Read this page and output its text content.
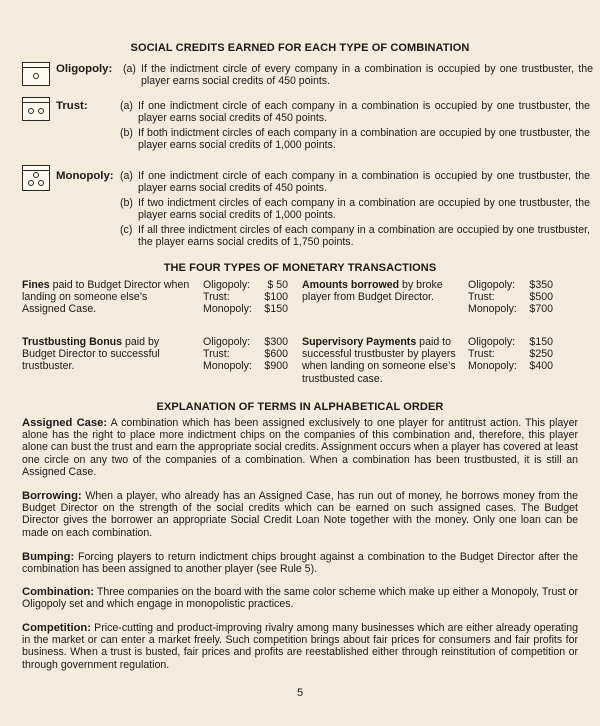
SOCIAL CREDITS EARNED FOR EACH TYPE OF COMBINATION
Oligopoly: (a) If the indictment circle of every company in a combination is occupied by one trustbuster, the player earns social credits of 450 points.
Trust:	(a) If one indictment circle of each company in a combination is occupied by one trustbuster, the player earns social credits of 450 points.
(b) If both indictment circles of each company in a combination are occupied by one trustbuster, the player earns social credits of 1,000 points.
Monopoly: (a) If one indictment circle of each company in a combination is occupied by one trustbuster, the player earns social credits of 450 points.
(b) If two indictment circles of each company in a combination are occupied by one trustbuster, the player earns social credits of 1,000 points.
(c) If all three indictment circles of each company in a combination are occupied by one trustbuster, the player earns social credits of 1,750 points.
THE FOUR TYPES OF MONETARY TRANSACTIONS
Fines paid to Budget Director when landing on someone else’s Assigned Case.
Oligopoly: $ 50
Trust:	$100
Monopoly: $150
Amounts borrowed by broke player from Budget Director.
Oligopoly: $350
Trust:	$500
Monopoly: $700
Trustbusting Bonus paid by Budget Director to successful trustbuster.
Oligopoly: $300
Trust:	$600
Monopoly: $900
Supervisory Payments paid to successful trustbuster by players when landing on someone else’s trustbusted case.
Oligopoly: $150
Trust:	$250
Monopoly: $400
EXPLANATION OF TERMS IN ALPHABETICAL ORDER
Assigned Case: A combination which has been assigned exclusively to one player for antitrust action. This player alone has the right to place more indictment chips on the companies of this combination and, therefore, this player alone can bust the trust and earn the appropriate social credits. Assignment occurs when a player has covered at least one circle on any two of the companies of a combination. When a combination has been trustbusted, it is still an Assigned Case.
Borrowing: When a player, who already has an Assigned Case, has run out of money, he borrows money from the Budget Director on the strength of the social credits which can be earned on such assigned cases. The Budget Director gives the borrower an appropriate Social Credit Loan Note together with the money. Only one loan can be made on each combination.
Bumping: Forcing players to return indictment chips brought against a combination to the Budget Director after the combination has been assigned to another player (see Rule 5).
Combination: Three companies on the board with the same color scheme which make up either a Monopoly, Trust or Oligopoly set and which engage in monopolistic practices.
Competition: Price-cutting and product-improving rivalry among many businesses which are either already operating in the market or can enter a market freely. Such competition brings about fair prices for consumers and fair profits for business. When a trust is busted, fair prices and profits are reestablished either through reinstitution of competition or through government regulation.
5
